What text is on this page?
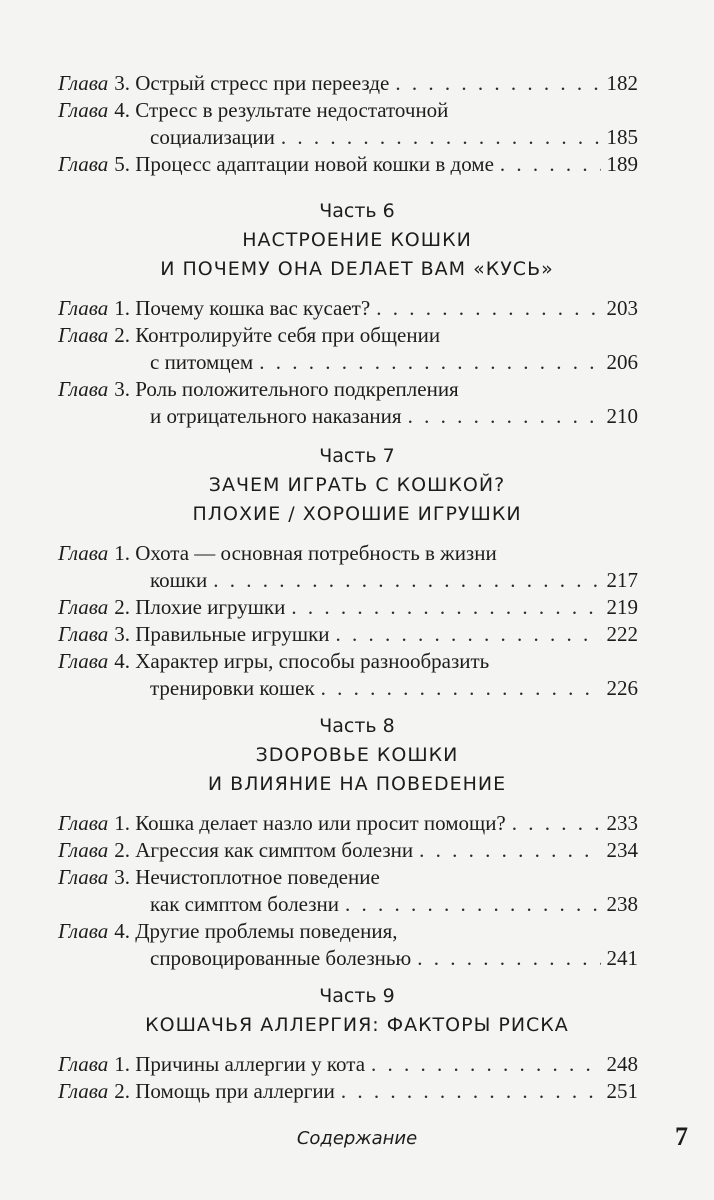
Глава 3. Острый стресс при переезде . . .	182
Глава 4. Стресс в результате недостаточной
социализации . . .	185
Глава 5. Процесс адаптации новой кошки в доме . . .	189
Часть 6
НАСТРОЕНИЕ КОШКИ
И ПОЧЕМУ ОНА DЕЛАЕТ ВАМ «КУСЬ»
Глава 1. Почему кошка вас кусает? . . .	203
Глава 2. Контролируйте себя при общении
с питомцем . . .	206
Глава 3. Роль положительного подкрепления
и отрицательного наказания . . .	210
Часть 7
ЗАЧЕМ ИГРАТЬ С КОШКОЙ?
ПЛОХИЕ / ХОРОШИЕ ИГРУШКИ
Глава 1. Охота — основная потребность в жизни
кошки . . .	217
Глава 2. Плохие игрушки . . .	219
Глава 3. Правильные игрушки . . .	222
Глава 4. Характер игры, способы разнообразить
тренировки кошек . . .	226
Часть 8
ЗDОРОВЬЕ КОШКИ
И ВЛИЯНИЕ НА ПОВЕDЕНИЕ
Глава 1. Кошка делает назло или просит помощи? . . .	233
Глава 2. Агрессия как симптом болезни . . .	234
Глава 3. Нечистоплотное поведение
как симптом болезни . . .	238
Глава 4. Другие проблемы поведения,
спровоцированные болезнью . . .	241
Часть 9
КОШАЧЬЯ АЛЛЕРГИЯ: ФАКТОРЫ РИСКА
Глава 1. Причины аллергии у кота . . .	248
Глава 2. Помощь при аллергии . . .	251
Содержание	7
